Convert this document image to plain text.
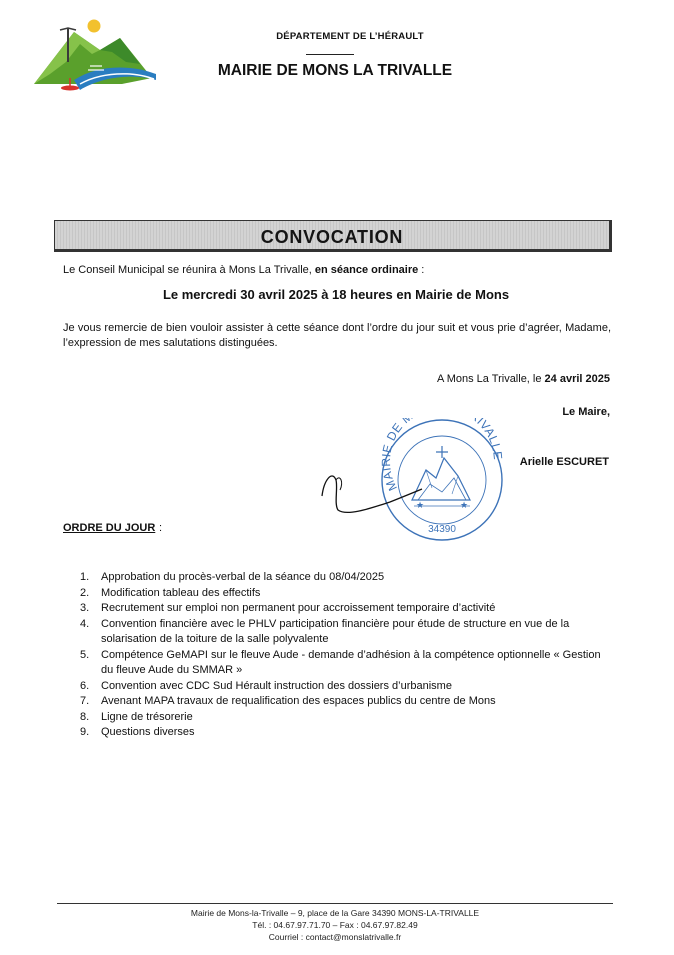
DÉPARTEMENT DE L’HÉRAULT
MAIRIE DE MONS LA TRIVALLE
CONVOCATION
Le Conseil Municipal se réunira à Mons La Trivalle, en séance ordinaire :
Le mercredi 30 avril 2025 à 18 heures en Mairie de Mons
Je vous remercie de bien vouloir assister à cette séance dont l’ordre du jour suit et vous prie d’agréer, Madame, l’expression de mes salutations distinguées.
A Mons La Trivalle, le 24 avril 2025
Le Maire,
MAIRIE DE IVALLE
★	★
34390
Arielle ESCURET
ORDRE DU JOUR :
1. Approbation du procès-verbal de la séance du 08/04/2025
2. Modification tableau des effectifs
3. Recrutement sur emploi non permanent pour accroissement temporaire d’activité
4. Convention financière avec le PHLV participation financière pour étude de structure en vue de la solarisation de la toiture de la salle polyvalente
5. Compétence GeMAPI sur le fleuve Aude - demande d’adhésion à la compétence optionnelle « Gestion du fleuve Aude du SMMAR »
6. Convention avec CDC Sud Hérault instruction des dossiers d’urbanisme
7. Avenant MAPA travaux de requalification des espaces publics du centre de Mons
8. Ligne de trésorerie
9. Questions diverses
Mairie de Mons-la-Trivalle – 9, place de la Gare 34390 MONS-LA-TRIVALLE
Tél. : 04.67.97.71.70 – Fax : 04.67.97.82.49
Courriel : contact@monslatrivalle.fr
